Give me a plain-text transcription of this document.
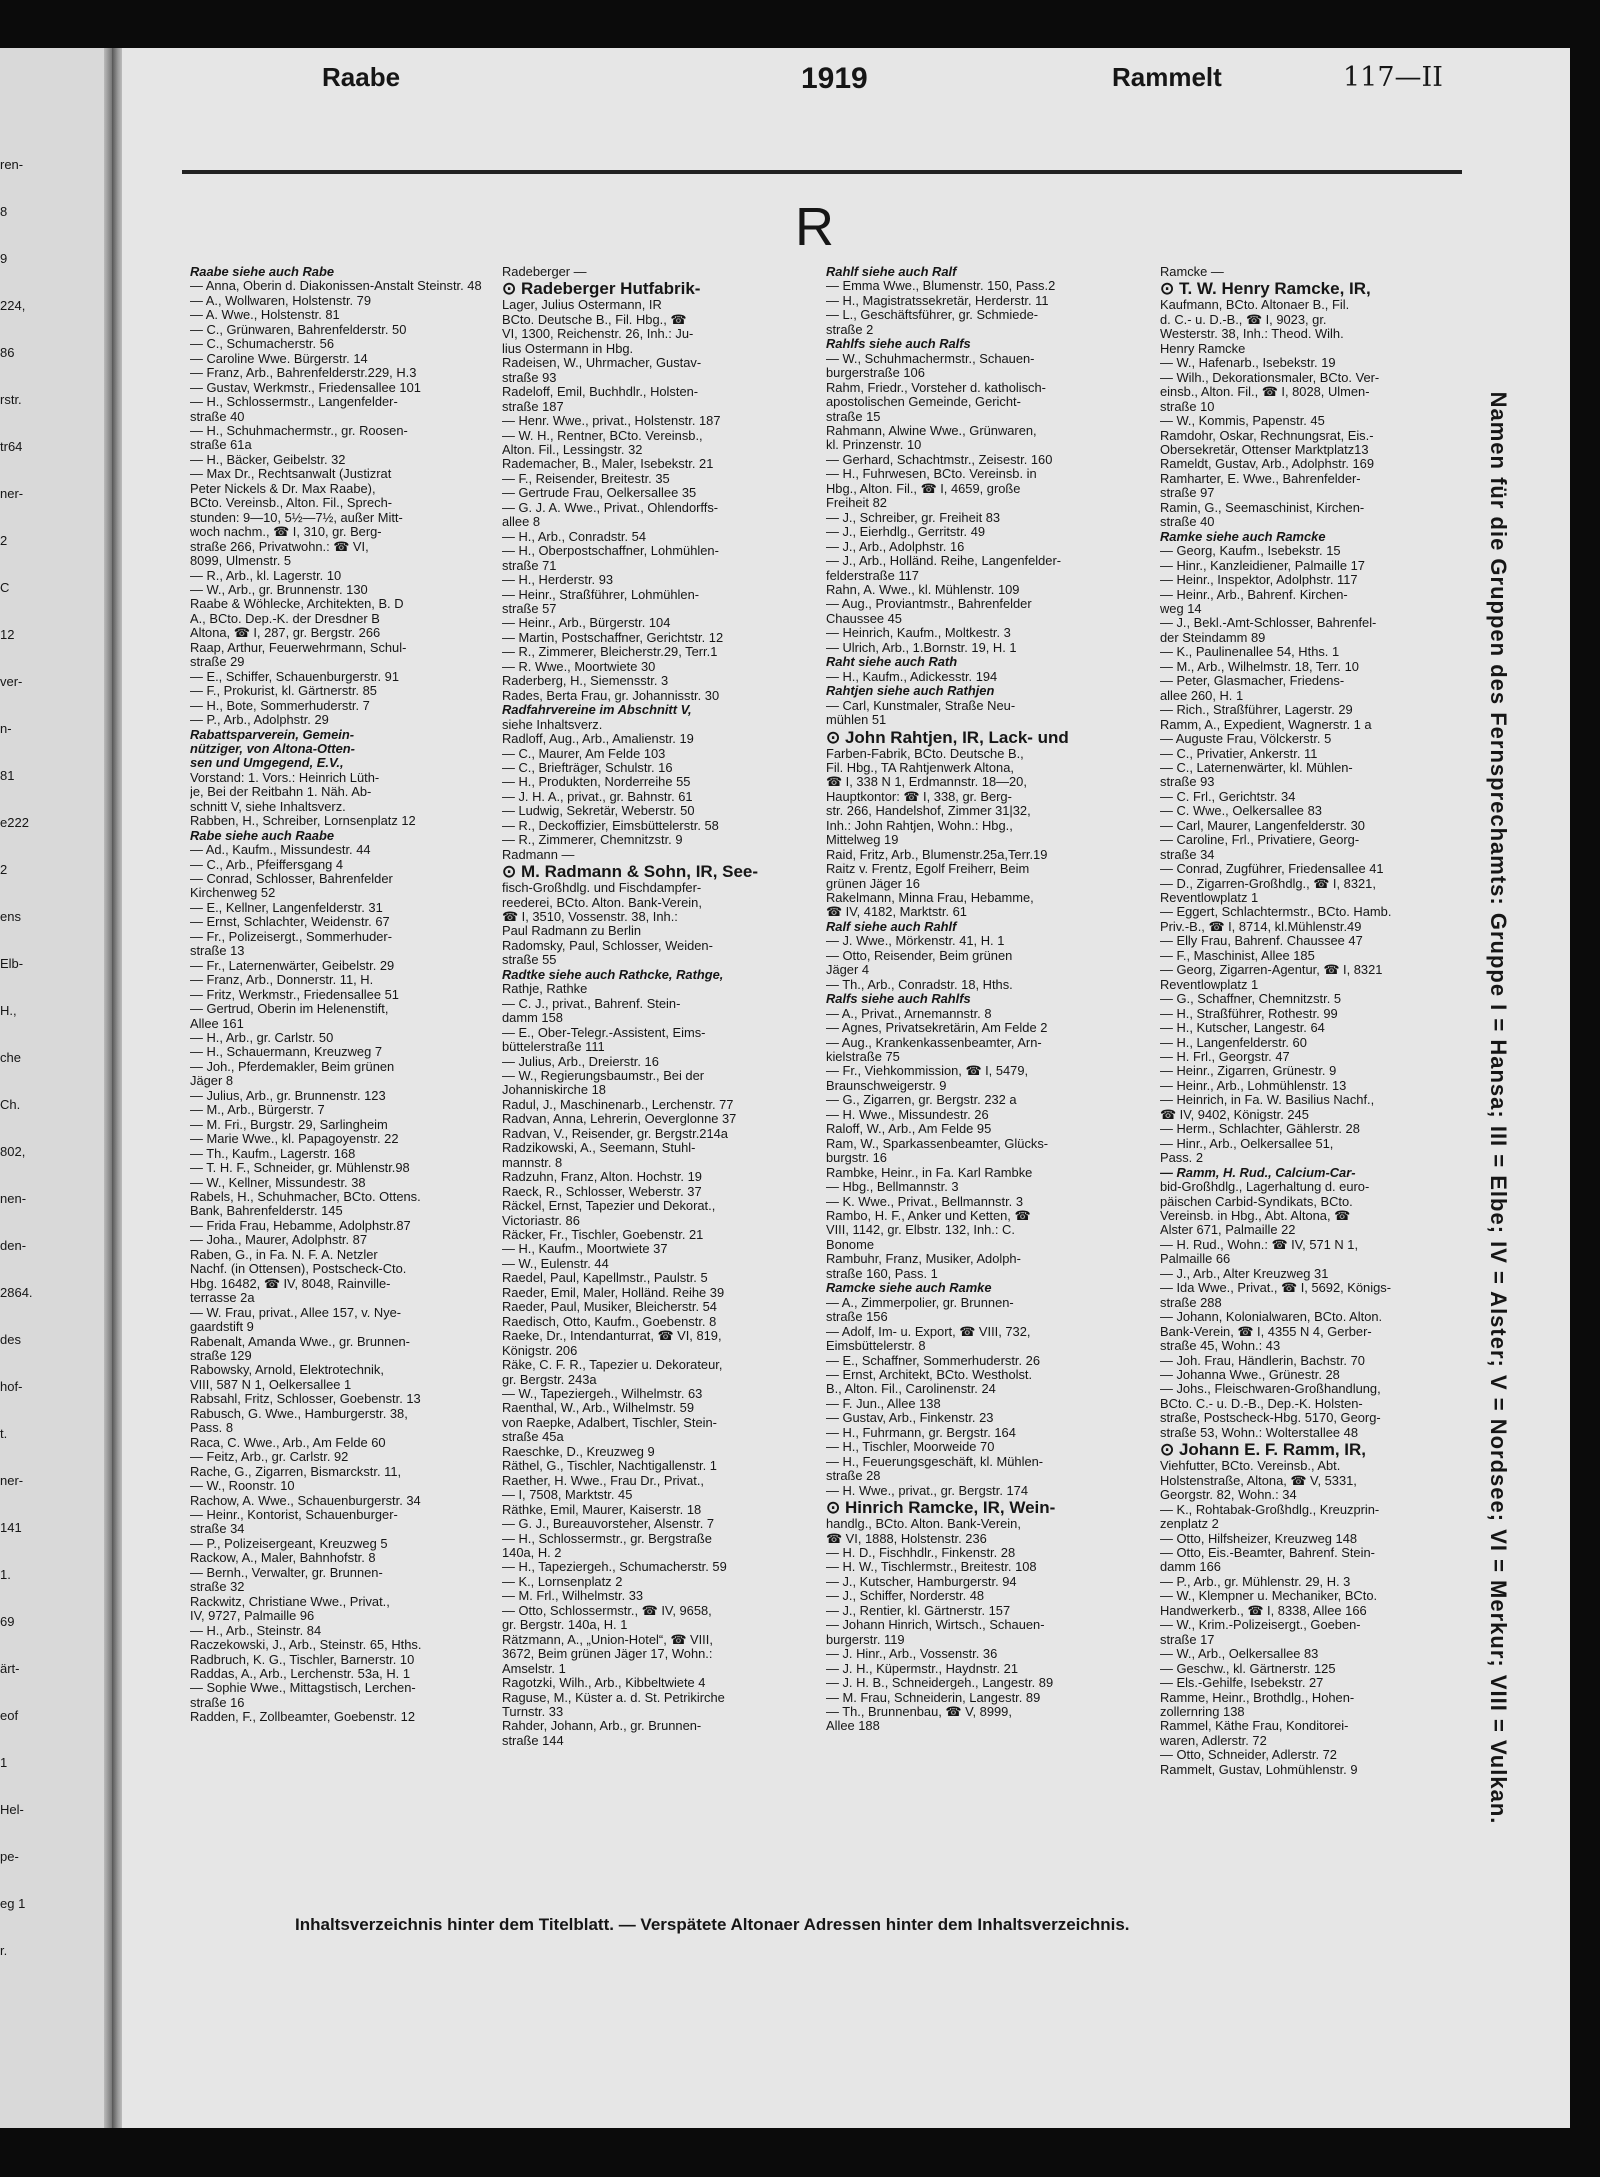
ren-
8
9
224,
86
rstr.
tr64
ner-
2
C
12
ver-
n-
81
e222
2
ens
Elb-
H.,
che
Ch.
802,
nen-
den-
2864.
des
hof-
t.
ner-
141
1.
69
ärt-
eof
1
Hel-
pe-
eg 1
r.
Raabe	1919	Rammelt	117—II
R
Raabe siehe auch Rabe
— Anna, Oberin d. Diakonissen-Anstalt Steinstr. 48
— A., Wollwaren, Holstenstr. 79
— A. Wwe., Holstenstr. 81
— C., Grünwaren, Bahrenfelderstr. 50
— C., Schumacherstr. 56
— Caroline Wwe. Bürgerstr. 14
— Franz, Arb., Bahrenfelderstr.229, H.3
— Gustav, Werkmstr., Friedensallee 101
— H., Schlossermstr., Langenfelder-
straße 40
— H., Schuhmachermstr., gr. Roosen-
straße 61a
— H., Bäcker, Geibelstr. 32
— Max Dr., Rechtsanwalt (Justizrat
Peter Nickels & Dr. Max Raabe),
BCto. Vereinsb., Alton. Fil., Sprech-
stunden: 9—10, 5½—7½, außer Mitt-
woch nachm., ☎ I, 310, gr. Berg-
straße 266, Privatwohn.: ☎ VI,
8099, Ulmenstr. 5
— R., Arb., kl. Lagerstr. 10
— W., Arb., gr. Brunnenstr. 130
Raabe & Wöhlecke, Architekten, B. D
A., BCto. Dep.-K. der Dresdner B
Altona, ☎ I, 287, gr. Bergstr. 266
Raap, Arthur, Feuerwehrmann, Schul-
straße 29
— E., Schiffer, Schauenburgerstr. 91
— F., Prokurist, kl. Gärtnerstr. 85
— H., Bote, Sommerhuderstr. 7
— P., Arb., Adolphstr. 29
Rabattsparverein, Gemein-
nütziger, von Altona-Otten-
sen und Umgegend, E.V.,
Vorstand: 1. Vors.: Heinrich Lüth-
je, Bei der Reitbahn 1. Näh. Ab-
schnitt V, siehe Inhaltsverz.
Rabben, H., Schreiber, Lornsenplatz 12
Rabe siehe auch Raabe
— Ad., Kaufm., Missundestr. 44
— C., Arb., Pfeiffersgang 4
— Conrad, Schlosser, Bahrenfelder
Kirchenweg 52
— E., Kellner, Langenfelderstr. 31
— Ernst, Schlachter, Weidenstr. 67
— Fr., Polizeisergt., Sommerhuder-
straße 13
— Fr., Laternenwärter, Geibelstr. 29
— Franz, Arb., Donnerstr. 11, H.
— Fritz, Werkmstr., Friedensallee 51
— Gertrud, Oberin im Helenenstift,
Allee 161
— H., Arb., gr. Carlstr. 50
— H., Schauermann, Kreuzweg 7
— Joh., Pferdemakler, Beim grünen
Jäger 8
— Julius, Arb., gr. Brunnenstr. 123
— M., Arb., Bürgerstr. 7
— M. Fri., Burgstr. 29, Sarlingheim
— Marie Wwe., kl. Papagoyenstr. 22
— Th., Kaufm., Lagerstr. 168
— T. H. F., Schneider, gr. Mühlenstr.98
— W., Kellner, Missundestr. 38
Rabels, H., Schuhmacher, BCto. Ottens.
Bank, Bahrenfelderstr. 145
— Frida Frau, Hebamme, Adolphstr.87
— Joha., Maurer, Adolphstr. 87
Raben, G., in Fa. N. F. A. Netzler
Nachf. (in Ottensen), Postscheck-Cto.
Hbg. 16482, ☎ IV, 8048, Rainville-
terrasse 2a
— W. Frau, privat., Allee 157, v. Nye-
gaardstift 9
Rabenalt, Amanda Wwe., gr. Brunnen-
straße 129
Rabowsky, Arnold, Elektrotechnik,
VIII, 587 N 1, Oelkersallee 1
Rabsahl, Fritz, Schlosser, Goebenstr. 13
Rabusch, G. Wwe., Hamburgerstr. 38,
Pass. 8
Raca, C. Wwe., Arb., Am Felde 60
— Feitz, Arb., gr. Carlstr. 92
Rache, G., Zigarren, Bismarckstr. 11,
— W., Roonstr. 10
Rachow, A. Wwe., Schauenburgerstr. 34
— Heinr., Kontorist, Schauenburger-
straße 34
— P., Polizeisergeant, Kreuzweg 5
Rackow, A., Maler, Bahnhofstr. 8
— Bernh., Verwalter, gr. Brunnen-
straße 32
Rackwitz, Christiane Wwe., Privat.,
IV, 9727, Palmaille 96
— H., Arb., Steinstr. 84
Raczekowski, J., Arb., Steinstr. 65, Hths.
Radbruch, K. G., Tischler, Barnerstr. 10
Raddas, A., Arb., Lerchenstr. 53a, H. 1
— Sophie Wwe., Mittagstisch, Lerchen-
straße 16
Radden, F., Zollbeamter, Goebenstr. 12
Radeberger —
⊙ Radeberger Hutfabrik-
Lager, Julius Ostermann, IR
BCto. Deutsche B., Fil. Hbg., ☎
VI, 1300, Reichenstr. 26, Inh.: Ju-
lius Ostermann in Hbg.
Radeisen, W., Uhrmacher, Gustav-
straße 93
Radeloff, Emil, Buchhdlr., Holsten-
straße 187
— Henr. Wwe., privat., Holstenstr. 187
— W. H., Rentner, BCto. Vereinsb.,
Alton. Fil., Lessingstr. 32
Rademacher, B., Maler, Isebekstr. 21
— F., Reisender, Breitestr. 35
— Gertrude Frau, Oelkersallee 35
— G. J. A. Wwe., Privat., Ohlendorffs-
allee 8
— H., Arb., Conradstr. 54
— H., Oberpostschaffner, Lohmühlen-
straße 71
— H., Herderstr. 93
— Heinr., Straßführer, Lohmühlen-
straße 57
— Heinr., Arb., Bürgerstr. 104
— Martin, Postschaffner, Gerichtstr. 12
— R., Zimmerer, Bleicherstr.29, Terr.1
— R. Wwe., Moortwiete 30
Raderberg, H., Siemensstr. 3
Rades, Berta Frau, gr. Johannisstr. 30
Radfahrvereine im Abschnitt V,
siehe Inhaltsverz.
Radloff, Aug., Arb., Amalienstr. 19
— C., Maurer, Am Felde 103
— C., Briefträger, Schulstr. 16
— H., Produkten, Norderreihe 55
— J. H. A., privat., gr. Bahnstr. 61
— Ludwig, Sekretär, Weberstr. 50
— R., Deckoffizier, Eimsbüttelerstr. 58
— R., Zimmerer, Chemnitzstr. 9
Radmann —
⊙ M. Radmann & Sohn, IR, See-
fisch-Großhdlg. und Fischdampfer-
reederei, BCto. Alton. Bank-Verein,
☎ I, 3510, Vossenstr. 38, Inh.:
Paul Radmann zu Berlin
Radomsky, Paul, Schlosser, Weiden-
straße 55
Radtke siehe auch Rathcke, Rathge,
Rathje, Rathke
— C. J., privat., Bahrenf. Stein-
damm 158
— E., Ober-Telegr.-Assistent, Eims-
büttelerstraße 111
— Julius, Arb., Dreierstr. 16
— W., Regierungsbaumstr., Bei der
Johanniskirche 18
Radul, J., Maschinenarb., Lerchenstr. 77
Radvan, Anna, Lehrerin, Oeverglonne 37
Radvan, V., Reisender, gr. Bergstr.214a
Radzikowski, A., Seemann, Stuhl-
mannstr. 8
Radzuhn, Franz, Alton. Hochstr. 19
Raeck, R., Schlosser, Weberstr. 37
Räckel, Ernst, Tapezier und Dekorat.,
Victoriastr. 86
Räcker, Fr., Tischler, Goebenstr. 21
— H., Kaufm., Moortwiete 37
— W., Eulenstr. 44
Raedel, Paul, Kapellmstr., Paulstr. 5
Raeder, Emil, Maler, Holländ. Reihe 39
Raeder, Paul, Musiker, Bleicherstr. 54
Raedisch, Otto, Kaufm., Goebenstr. 8
Raeke, Dr., Intendanturrat, ☎ VI, 819,
Königstr. 206
Räke, C. F. R., Tapezier u. Dekorateur,
gr. Bergstr. 243a
— W., Tapeziergeh., Wilhelmstr. 63
Raenthal, W., Arb., Wilhelmstr. 59
von Raepke, Adalbert, Tischler, Stein-
straße 45a
Raeschke, D., Kreuzweg 9
Räthel, G., Tischler, Nachtigallenstr. 1
Raether, H. Wwe., Frau Dr., Privat.,
— I, 7508, Marktstr. 45
Räthke, Emil, Maurer, Kaiserstr. 18
— G. J., Bureauvorsteher, Alsenstr. 7
— H., Schlossermstr., gr. Bergstraße
140a, H. 2
— H., Tapeziergeh., Schumacherstr. 59
— K., Lornsenplatz 2
— M. Frl., Wilhelmstr. 33
— Otto, Schlossermstr., ☎ IV, 9658,
gr. Bergstr. 140a, H. 1
Rätzmann, A., „Union-Hotel“, ☎ VIII,
3672, Beim grünen Jäger 17, Wohn.:
Amselstr. 1
Ragotzki, Wilh., Arb., Kibbeltwiete 4
Raguse, M., Küster a. d. St. Petrikirche
Turnstr. 33
Rahder, Johann, Arb., gr. Brunnen-
straße 144
Rahlf siehe auch Ralf
— Emma Wwe., Blumenstr. 150, Pass.2
— H., Magistratssekretär, Herderstr. 11
— L., Geschäftsführer, gr. Schmiede-
straße 2
Rahlfs siehe auch Ralfs
— W., Schuhmachermstr., Schauen-
burgerstraße 106
Rahm, Friedr., Vorsteher d. katholisch-
apostolischen Gemeinde, Gericht-
straße 15
Rahmann, Alwine Wwe., Grünwaren,
kl. Prinzenstr. 10
— Gerhard, Schachtmstr., Zeisestr. 160
— H., Fuhrwesen, BCto. Vereinsb. in
Hbg., Alton. Fil., ☎ I, 4659, große
Freiheit 82
— J., Schreiber, gr. Freiheit 83
— J., Eierhdlg., Gerritstr. 49
— J., Arb., Adolphstr. 16
— J., Arb., Holländ. Reihe, Langenfelder-
felderstraße 117
Rahn, A. Wwe., kl. Mühlenstr. 109
— Aug., Proviantmstr., Bahrenfelder
Chaussee 45
— Heinrich, Kaufm., Moltkestr. 3
— Ulrich, Arb., 1.Bornstr. 19, H. 1
Raht siehe auch Rath
— H., Kaufm., Adickesstr. 194
Rahtjen siehe auch Rathjen
— Carl, Kunstmaler, Straße Neu-
mühlen 51
⊙ John Rahtjen, IR, Lack- und
Farben-Fabrik, BCto. Deutsche B.,
Fil. Hbg., TA Rahtjenwerk Altona,
☎ I, 338 N 1, Erdmannstr. 18—20,
Hauptkontor: ☎ I, 338, gr. Berg-
str. 266, Handelshof, Zimmer 31|32,
Inh.: John Rahtjen, Wohn.: Hbg.,
Mittelweg 19
Raid, Fritz, Arb., Blumenstr.25a,Terr.19
Raitz v. Frentz, Egolf Freiherr, Beim
grünen Jäger 16
Rakelmann, Minna Frau, Hebamme,
☎ IV, 4182, Marktstr. 61
Ralf siehe auch Rahlf
— J. Wwe., Mörkenstr. 41, H. 1
— Otto, Reisender, Beim grünen
Jäger 4
— Th., Arb., Conradstr. 18, Hths.
Ralfs siehe auch Rahlfs
— A., Privat., Arnemannstr. 8
— Agnes, Privatsekretärin, Am Felde 2
— Aug., Krankenkassenbeamter, Arn-
kielstraße 75
— Fr., Viehkommission, ☎ I, 5479,
Braunschweigerstr. 9
— G., Zigarren, gr. Bergstr. 232 a
— H. Wwe., Missundestr. 26
Raloff, W., Arb., Am Felde 95
Ram, W., Sparkassenbeamter, Glücks-
burgstr. 16
Rambke, Heinr., in Fa. Karl Rambke
— Hbg., Bellmannstr. 3
— K. Wwe., Privat., Bellmannstr. 3
Rambo, H. F., Anker und Ketten, ☎
VIII, 1142, gr. Elbstr. 132, Inh.: C.
Bonome
Rambuhr, Franz, Musiker, Adolph-
straße 160, Pass. 1
Ramcke siehe auch Ramke
— A., Zimmerpolier, gr. Brunnen-
straße 156
— Adolf, Im- u. Export, ☎ VIII, 732,
Eimsbüttelerstr. 8
— E., Schaffner, Sommerhuderstr. 26
— Ernst, Architekt, BCto. Westholst.
B., Alton. Fil., Carolinenstr. 24
— F. Jun., Allee 138
— Gustav, Arb., Finkenstr. 23
— H., Fuhrmann, gr. Bergstr. 164
— H., Tischler, Moorweide 70
— H., Feuerungsgeschäft, kl. Mühlen-
straße 28
— H. Wwe., privat., gr. Bergstr. 174
⊙ Hinrich Ramcke, IR, Wein-
handlg., BCto. Alton. Bank-Verein,
☎ VI, 1888, Holstenstr. 236
— H. D., Fischhdlr., Finkenstr. 28
— H. W., Tischlermstr., Breitestr. 108
— J., Kutscher, Hamburgerstr. 94
— J., Schiffer, Norderstr. 48
— J., Rentier, kl. Gärtnerstr. 157
— Johann Hinrich, Wirtsch., Schauen-
burgerstr. 119
— J. Hinr., Arb., Vossenstr. 36
— J. H., Küpermstr., Haydnstr. 21
— J. H. B., Schneidergeh., Langestr. 89
— M. Frau, Schneiderin, Langestr. 89
— Th., Brunnenbau, ☎ V, 8999,
Allee 188
Ramcke —
⊙ T. W. Henry Ramcke, IR,
Kaufmann, BCto. Altonaer B., Fil.
d. C.- u. D.-B., ☎ I, 9023, gr.
Westerstr. 38, Inh.: Theod. Wilh.
Henry Ramcke
— W., Hafenarb., Isebekstr. 19
— Wilh., Dekorationsmaler, BCto. Ver-
einsb., Alton. Fil., ☎ I, 8028, Ulmen-
straße 10
— W., Kommis, Papenstr. 45
Ramdohr, Oskar, Rechnungsrat, Eis.-
Obersekretär, Ottenser Marktplatz13
Rameldt, Gustav, Arb., Adolphstr. 169
Ramharter, E. Wwe., Bahrenfelder-
straße 97
Ramin, G., Seemaschinist, Kirchen-
straße 40
Ramke siehe auch Ramcke
— Georg, Kaufm., Isebekstr. 15
— Hinr., Kanzleidiener, Palmaille 17
— Heinr., Inspektor, Adolphstr. 117
— Heinr., Arb., Bahrenf. Kirchen-
weg 14
— J., Bekl.-Amt-Schlosser, Bahrenfel-
der Steindamm 89
— K., Paulinenallee 54, Hths. 1
— M., Arb., Wilhelmstr. 18, Terr. 10
— Peter, Glasmacher, Friedens-
allee 260, H. 1
— Rich., Straßführer, Lagerstr. 29
Ramm, A., Expedient, Wagnerstr. 1 a
— Auguste Frau, Völckerstr. 5
— C., Privatier, Ankerstr. 11
— C., Laternenwärter, kl. Mühlen-
straße 93
— C. Frl., Gerichtstr. 34
— C. Wwe., Oelkersallee 83
— Carl, Maurer, Langenfelderstr. 30
— Caroline, Frl., Privatiere, Georg-
straße 34
— Conrad, Zugführer, Friedensallee 41
— D., Zigarren-Großhdlg., ☎ I, 8321,
Reventlowplatz 1
— Eggert, Schlachtermstr., BCto. Hamb.
Priv.-B., ☎ I, 8714, kl.Mühlenstr.49
— Elly Frau, Bahrenf. Chaussee 47
— F., Maschinist, Allee 185
— Georg, Zigarren-Agentur, ☎ I, 8321
Reventlowplatz 1
— G., Schaffner, Chemnitzstr. 5
— H., Straßführer, Rothestr. 99
— H., Kutscher, Langestr. 64
— H., Langenfelderstr. 60
— H. Frl., Georgstr. 47
— Heinr., Zigarren, Grünestr. 9
— Heinr., Arb., Lohmühlenstr. 13
— Heinrich, in Fa. W. Basilius Nachf.,
☎ IV, 9402, Königstr. 245
— Herm., Schlachter, Gählerstr. 28
— Hinr., Arb., Oelkersallee 51,
Pass. 2
— Ramm, H. Rud., Calcium-Car-
bid-Großhdlg., Lagerhaltung d. euro-
päischen Carbid-Syndikats, BCto.
Vereinsb. in Hbg., Abt. Altona, ☎
Alster 671, Palmaille 22
— H. Rud., Wohn.: ☎ IV, 571 N 1,
Palmaille 66
— J., Arb., Alter Kreuzweg 31
— Ida Wwe., Privat., ☎ I, 5692, Königs-
straße 288
— Johann, Kolonialwaren, BCto. Alton.
Bank-Verein, ☎ I, 4355 N 4, Gerber-
straße 45, Wohn.: 43
— Joh. Frau, Händlerin, Bachstr. 70
— Johanna Wwe., Grünestr. 28
— Johs., Fleischwaren-Großhandlung,
BCto. C.- u. D.-B., Dep.-K. Holsten-
straße, Postscheck-Hbg. 5170, Georg-
straße 53, Wohn.: Wolterstallee 48
⊙ Johann E. F. Ramm, IR,
Viehfutter, BCto. Vereinsb., Abt.
Holstenstraße, Altona, ☎ V, 5331,
Georgstr. 82, Wohn.: 34
— K., Rohtabak-Großhdlg., Kreuzprin-
zenplatz 2
— Otto, Hilfsheizer, Kreuzweg 148
— Otto, Eis.-Beamter, Bahrenf. Stein-
damm 166
— P., Arb., gr. Mühlenstr. 29, H. 3
— W., Klempner u. Mechaniker, BCto.
Handwerkerb., ☎ I, 8338, Allee 166
— W., Krim.-Polizeisergt., Goeben-
straße 17
— W., Arb., Oelkersallee 83
— Geschw., kl. Gärtnerstr. 125
— Els.-Gehilfe, Isebekstr. 27
Ramme, Heinr., Brothdlg., Hohen-
zollernring 138
Rammel, Käthe Frau, Konditorei-
waren, Adlerstr. 72
— Otto, Schneider, Adlerstr. 72
Rammelt, Gustav, Lohmühlenstr. 9	Namen für die Gruppen des Fernsprechamts: Gruppe I = Hansa; III = Elbe; IV = Alster; V = Nordsee; VI = Merkur; VIII = Vulkan.
Inhaltsverzeichnis hinter dem Titelblatt. — Verspätete Altonaer Adressen hinter dem Inhaltsverzeichnis.
